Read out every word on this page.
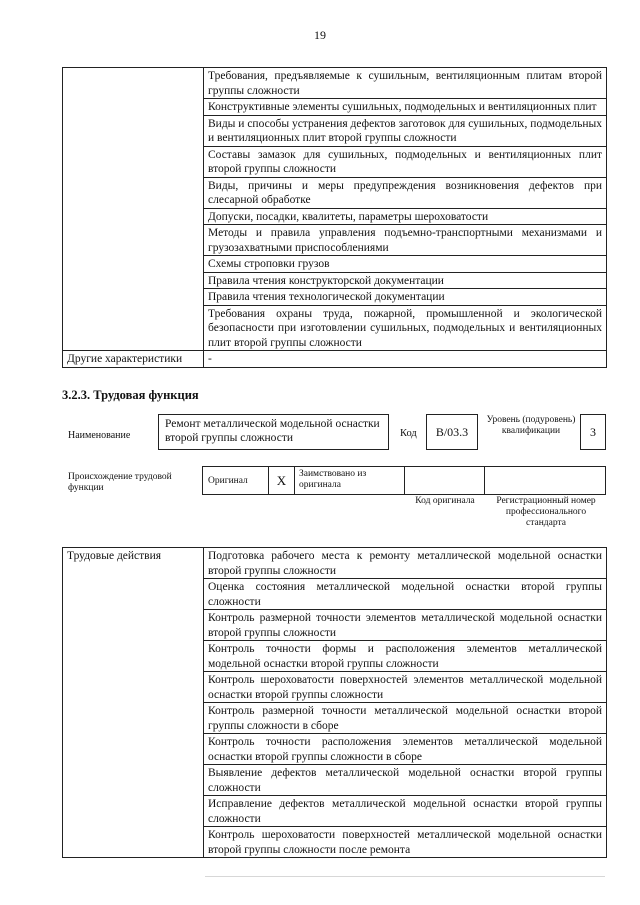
19
	Требования, предъявляемые к сушильным, вентиляционным плитам второй группы сложности
	Конструктивные элементы сушильных, подмодельных и вентиляционных плит
	Виды и способы устранения дефектов заготовок для сушильных, подмодельных и вентиляционных плит второй группы сложности
	Составы замазок для сушильных, подмодельных и вентиляционных плит второй группы сложности
	Виды, причины и меры предупреждения возникновения дефектов при слесарной обработке
	Допуски, посадки, квалитеты, параметры шероховатости
	Методы и правила управления подъемно-транспортными механизмами и грузозахватными приспособлениями
	Схемы строповки грузов
	Правила чтения конструкторской документации
	Правила чтения технологической документации
	Требования охраны труда, пожарной, промышленной и экологической безопасности при изготовлении сушильных, подмодельных и вентиляционных плит второй группы сложности
Другие характеристики	-
3.2.3. Трудовая функция
Наименование
Ремонт металлической модельной оснастки второй группы сложности	Код	B/03.3
Уровень (подуровень) квалификации	3
Происхождение трудовой функции
Оригинал	X	Заимствовано из оригинала
Код оригинала	Регистрационный номер профессионального стандарта
Трудовые действия	Подготовка рабочего места к ремонту металлической модельной оснастки второй группы сложности
Оценка состояния металлической модельной оснастки второй группы сложности
Контроль размерной точности элементов металлической модельной оснастки второй группы сложности
Контроль точности формы и расположения элементов металлической модельной оснастки второй группы сложности
Контроль шероховатости поверхностей элементов металлической модельной оснастки второй группы сложности
Контроль размерной точности металлической модельной оснастки второй группы сложности в сборе
Контроль точности расположения элементов металлической модельной оснастки второй группы сложности в сборе
Выявление дефектов металлической модельной оснастки второй группы сложности
Исправление дефектов металлической модельной оснастки второй группы сложности
Контроль шероховатости поверхностей металлической модельной оснастки второй группы сложности после ремонта
